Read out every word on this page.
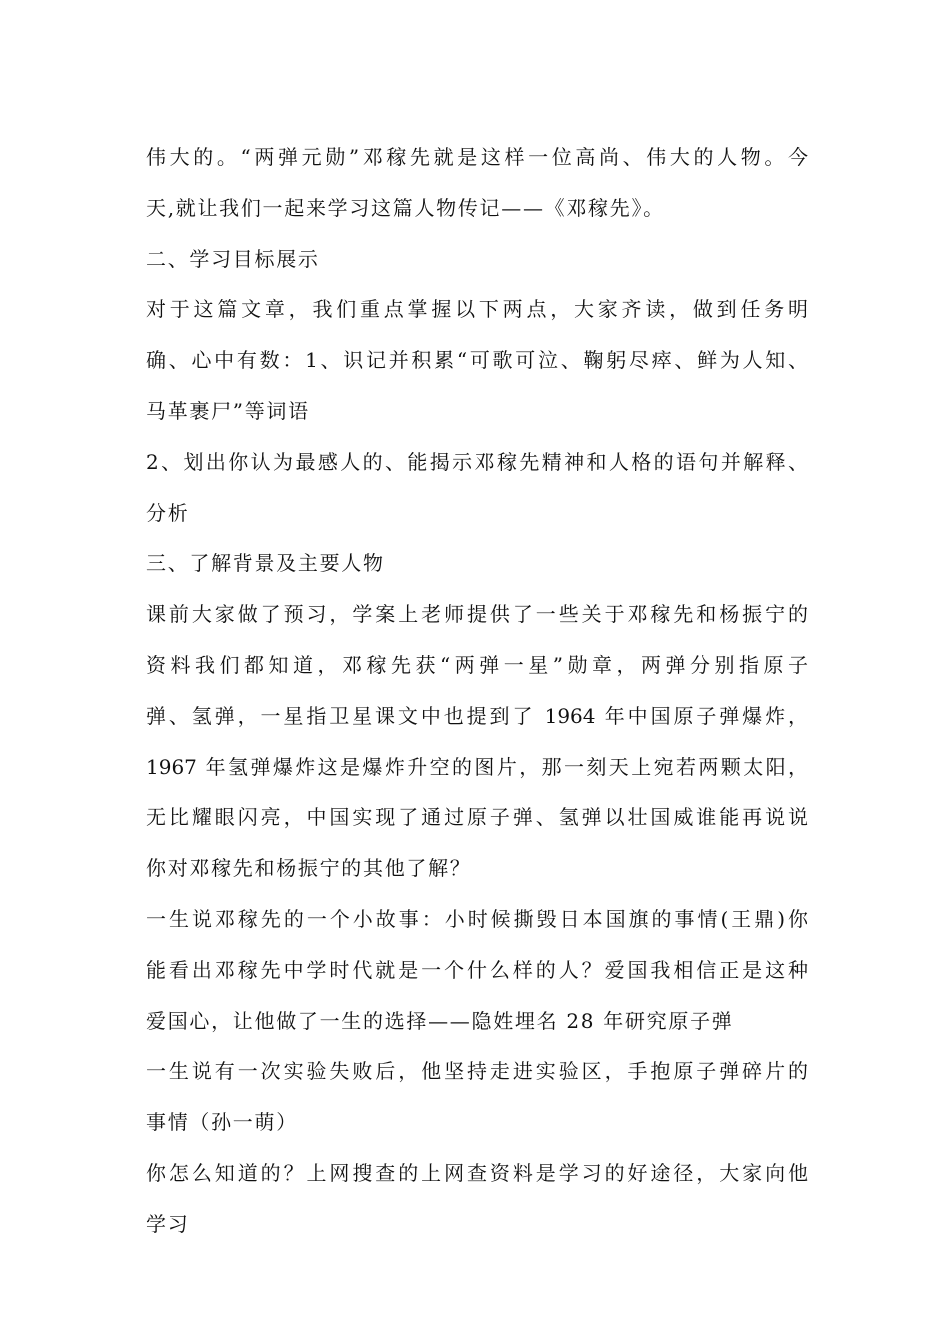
伟大的。“两弹元勋”邓稼先就是这样一位高尚、伟大的人物。今
天,就让我们一起来学习这篇人物传记——《邓稼先》。
二、学习目标展示
对于这篇文章，我们重点掌握以下两点，大家齐读，做到任务明
确、心中有数：1、识记并积累“可歌可泣、鞠躬尽瘁、鲜为人知、
马革裹尸”等词语
2、划出你认为最感人的、能揭示邓稼先精神和人格的语句并解释、
分析
三、了解背景及主要人物
课前大家做了预习，学案上老师提供了一些关于邓稼先和杨振宁的
资料我们都知道，邓稼先获“两弹一星”勋章，两弹分别指原子
弹、氢弹，一星指卫星课文中也提到了 1964 年中国原子弹爆炸，
1967 年氢弹爆炸这是爆炸升空的图片，那一刻天上宛若两颗太阳，
无比耀眼闪亮，中国实现了通过原子弹、氢弹以壮国威谁能再说说
你对邓稼先和杨振宁的其他了解？
一生说邓稼先的一个小故事：小时候撕毁日本国旗的事情(王鼎)你
能看出邓稼先中学时代就是一个什么样的人？爱国我相信正是这种
爱国心，让他做了一生的选择——隐姓埋名 28 年研究原子弹
一生说有一次实验失败后，他坚持走进实验区，手抱原子弹碎片的
事情（孙一萌）
你怎么知道的？上网搜查的上网查资料是学习的好途径，大家向他
学习
